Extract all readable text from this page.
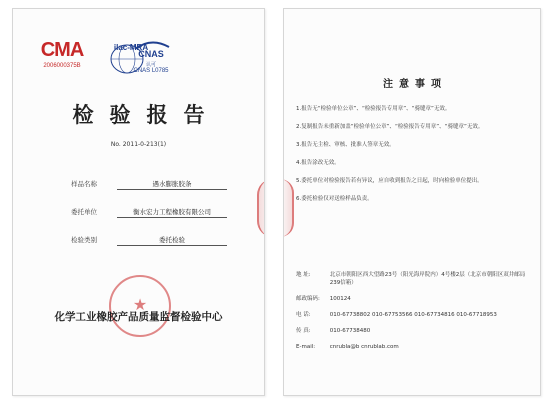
CMA
2006000375B
ilac-MRA
CNAS
认可
CNAS L0785
检验报告
No. 2011-0-213(1)
样品名称	遇水膨胀胶条
委托单位	衡水宏力工程橡胶有限公司
检验类别	委托检验
★
化学工业橡胶产品质量监督检验中心
注意事项
1.报告无“检验单位公章”、“检验报告专用章”、“骑缝章”无效。
2.复制报告未重新加盖“检验单位公章”、“检验报告专用章”、“骑缝章”无效。
3.报告无主检、审核、批准人签章无效。
4.报告涂改无效。
5.委托单位对检验报告若有异议，应自收到报告之日起，时向检验单位提出。
6.委托检验仅对送检样品负责。
地 址:	北京市朝阳区西大望路23号（阳光海岸院内）4号楼2层（北京市朝阳区双井邮局239信箱）
邮政编码: 100124
电 话:	010-67738802 010-67753566 010-67734816 010-67718953
传 真:	010-67738480
E-mail:	cnrubla@b cnrublab.com
